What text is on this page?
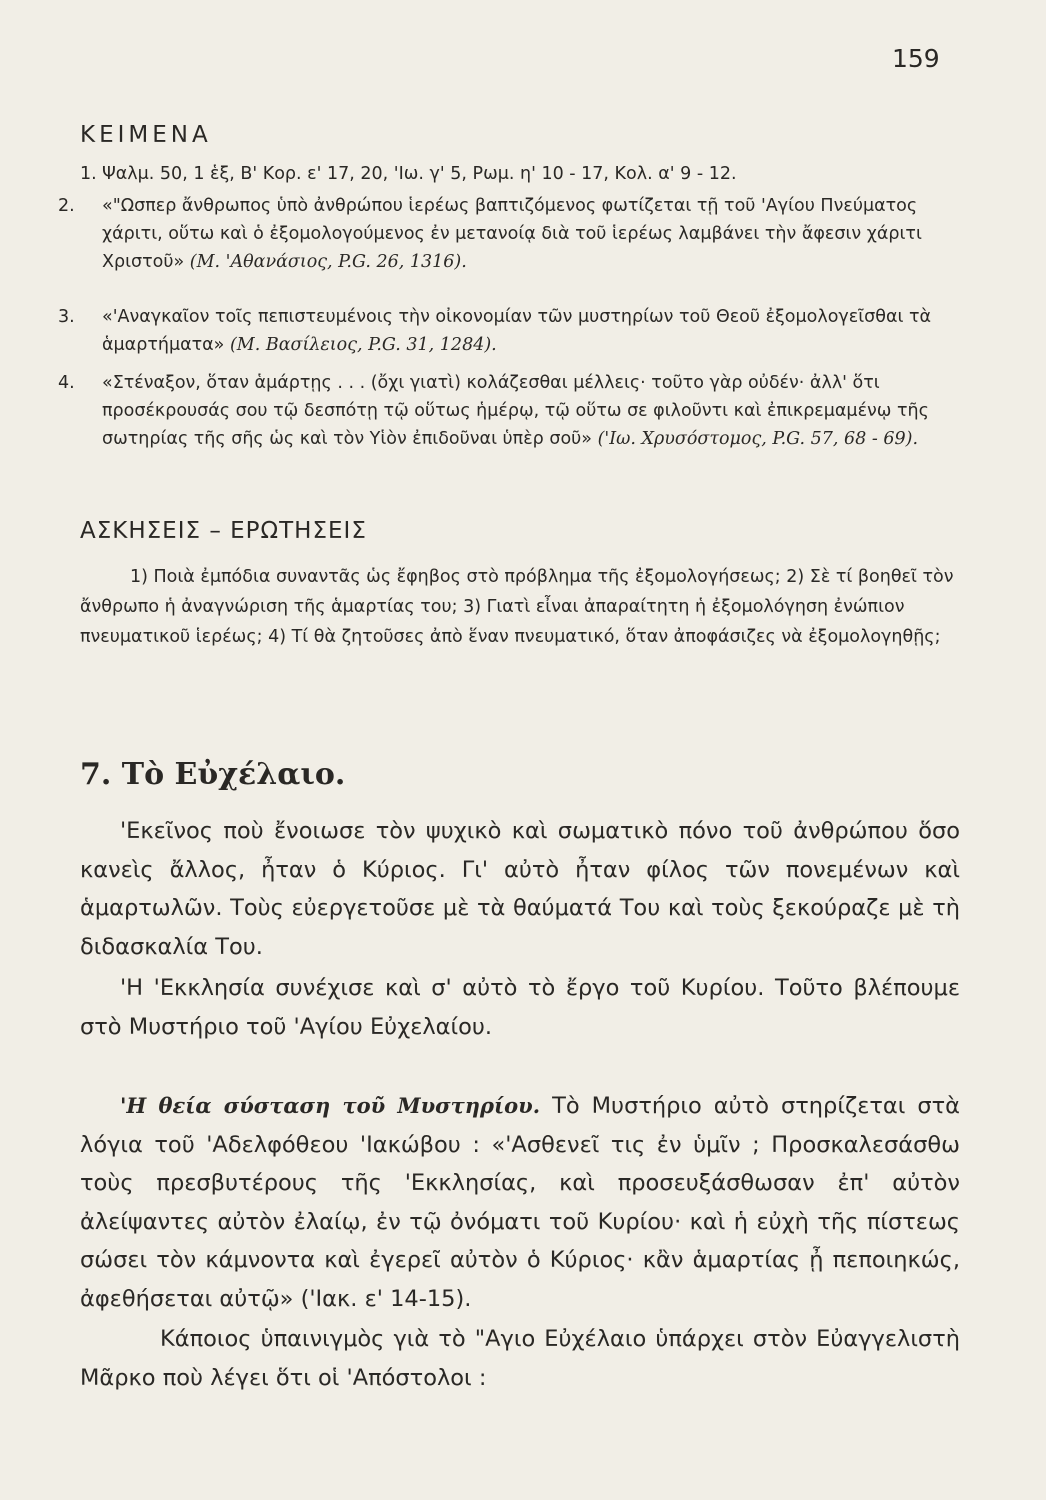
159
ΚΕΙΜΕΝΑ
1. Ψαλμ. 50, 1 ἑξ, Β' Κορ. ε' 17, 20, 'Ιω. γ' 5, Ρωμ. η' 10 - 17, Κολ. α' 9 - 12.
2. «"Ωσπερ ἄνθρωπος ὑπὸ ἀνθρώπου ἱερέως βαπτιζόμενος φωτίζεται τῇ τοῦ 'Αγίου Πνεύματος χάριτι, οὕτω καὶ ὁ ἐξομολογούμενος ἐν μετανοίᾳ διὰ τοῦ ἱερέως λαμβάνει τὴν ἄφεσιν χάριτι Χριστοῦ» (Μ. 'Αθανάσιος, P.G. 26, 1316).
3. «'Αναγκαῖον τοῖς πεπιστευμένοις τὴν οἰκονομίαν τῶν μυστηρίων τοῦ Θεοῦ ἐξομολογεῖσθαι τὰ ἁμαρτήματα» (Μ. Βασίλειος, P.G. 31, 1284).
4. «Στέναξον, ὅταν ἁμάρτῃς . . . (ὄχι γιατὶ) κολάζεσθαι μέλλεις· τοῦτο γὰρ οὐδέν· ἀλλ' ὅτι προσέκρουσάς σου τῷ δεσπότῃ τῷ οὕτως ἡμέρῳ, τῷ οὕτω σε φιλοῦντι καὶ ἐπικρεμαμένῳ τῆς σωτηρίας τῆς σῆς ὡς καὶ τὸν Υἱὸν ἐπιδοῦναι ὑπὲρ σοῦ» ('Ιω. Χρυσόστομος, P.G. 57, 68 - 69).
ΑΣΚΗΣΕΙΣ – ΕΡΩΤΗΣΕΙΣ
1) Ποιὰ ἐμπόδια συναντᾶς ὡς ἔφηβος στὸ πρόβλημα τῆς ἐξομολογήσεως; 2) Σὲ τί βοηθεῖ τὸν ἄνθρωπο ἡ ἀναγνώριση τῆς ἁμαρτίας του; 3) Γιατὶ εἶναι ἀπαραίτητη ἡ ἐξομολόγηση ἐνώπιον πνευματικοῦ ἱερέως; 4) Τί θὰ ζητοῦσες ἀπὸ ἕναν πνευματικό, ὅταν ἀποφάσιζες νὰ ἐξομολογηθῇς;
7. Τὸ Εὐχέλαιο.
'Εκεῖνος ποὺ ἔνοιωσε τὸν ψυχικὸ καὶ σωματικὸ πόνο τοῦ ἀνθρώπου ὅσο κανεὶς ἄλλος, ἦταν ὁ Κύριος. Γι' αὐτὸ ἦταν φίλος τῶν πονεμένων καὶ ἁμαρτωλῶν. Τοὺς εὐεργετοῦσε μὲ τὰ θαύματά Του καὶ τοὺς ξεκούραζε μὲ τὴ διδασκαλία Του.
'Η 'Εκκλησία συνέχισε καὶ σ' αὐτὸ τὸ ἔργο τοῦ Κυρίου. Τοῦτο βλέπουμε στὸ Μυστήριο τοῦ 'Αγίου Εὐχελαίου.
'Η θεία σύσταση τοῦ Μυστηρίου. Τὸ Μυστήριο αὐτὸ στηρίζεται στὰ λόγια τοῦ 'Αδελφόθεου 'Ιακώβου : «'Ασθενεῖ τις ἐν ὑμῖν ; Προσκαλεσάσθω τοὺς πρεσβυτέρους τῆς 'Εκκλησίας, καὶ προσευξάσθωσαν ἐπ' αὐτὸν ἀλείψαντες αὐτὸν ἐλαίῳ, ἐν τῷ ὀνόματι τοῦ Κυρίου· καὶ ἡ εὐχὴ τῆς πίστεως σώσει τὸν κάμνοντα καὶ ἐγερεῖ αὐτὸν ὁ Κύριος· κἂν ἁμαρτίας ᾖ πεποιηκώς, ἀφεθήσεται αὐτῷ» ('Ιακ. ε' 14-15).
Κάποιος ὑπαινιγμὸς γιὰ τὸ "Αγιο Εὐχέλαιο ὑπάρχει στὸν Εὐαγγελιστὴ Μᾶρκο ποὺ λέγει ὅτι οἱ 'Απόστολοι :
